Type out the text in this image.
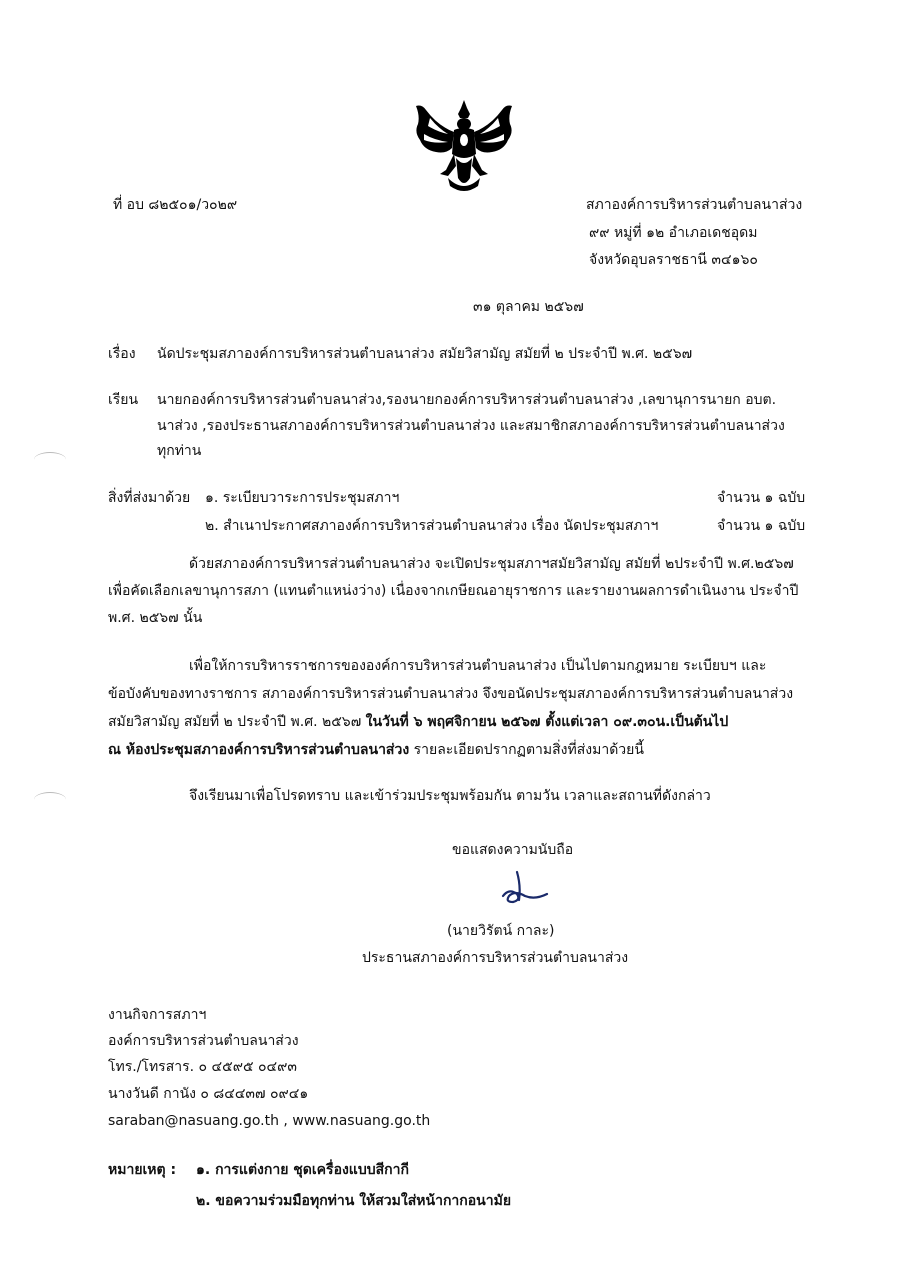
ที่ อบ ๘๒๕๐๑/ว๐๒๙	สภาองค์การบริหารส่วนตำบลนาส่วง
๙๙ หมู่ที่ ๑๒ อำเภอเดชอุดม
จังหวัดอุบลราชธานี ๓๔๑๖๐
๓๑ ตุลาคม ๒๕๖๗
เรื่อง นัดประชุมสภาองค์การบริหารส่วนตำบลนาส่วง สมัยวิสามัญ สมัยที่ ๒ ประจำปี พ.ศ. ๒๕๖๗
เรียน นายกองค์การบริหารส่วนตำบลนาส่วง,รองนายกองค์การบริหารส่วนตำบลนาส่วง ,เลขานุการนายก อบต.
นาส่วง ,รองประธานสภาองค์การบริหารส่วนตำบลนาส่วง และสมาชิกสภาองค์การบริหารส่วนตำบลนาส่วง
ทุกท่าน
สิ่งที่ส่งมาด้วย ๑. ระเบียบวาระการประชุมสภาฯ	จำนวน ๑ ฉบับ
๒. สำเนาประกาศสภาองค์การบริหารส่วนตำบลนาส่วง เรื่อง นัดประชุมสภาฯ	จำนวน ๑ ฉบับ
ด้วยสภาองค์การบริหารส่วนตำบลนาส่วง จะเปิดประชุมสภาฯสมัยวิสามัญ สมัยที่ ๒ประจำปี พ.ศ.๒๕๖๗
เพื่อคัดเลือกเลขานุการสภา (แทนตำแหน่งว่าง) เนื่องจากเกษียณอายุราชการ และรายงานผลการดำเนินงาน ประจำปี
พ.ศ. ๒๕๖๗ นั้น
เพื่อให้การบริหารราชการขององค์การบริหารส่วนตำบลนาส่วง เป็นไปตามกฎหมาย ระเบียบฯ และ
ข้อบังคับของทางราชการ สภาองค์การบริหารส่วนตำบลนาส่วง จึงขอนัดประชุมสภาองค์การบริหารส่วนตำบลนาส่วง
สมัยวิสามัญ สมัยที่ ๒ ประจำปี พ.ศ. ๒๕๖๗ ในวันที่ ๖ พฤศจิกายน ๒๕๖๗ ตั้งแต่เวลา ๐๙.๓๐น.เป็นต้นไป
ณ ห้องประชุมสภาองค์การบริหารส่วนตำบลนาส่วง รายละเอียดปรากฏตามสิ่งที่ส่งมาด้วยนี้
จึงเรียนมาเพื่อโปรดทราบ และเข้าร่วมประชุมพร้อมกัน ตามวัน เวลาและสถานที่ดังกล่าว
ขอแสดงความนับถือ
(นายวิรัตน์ กาละ)
ประธานสภาองค์การบริหารส่วนตำบลนาส่วง
งานกิจการสภาฯ
องค์การบริหารส่วนตำบลนาส่วง
โทร./โทรสาร. ๐ ๔๕๙๕ ๐๔๙๓
นางวันดี กานัง ๐ ๘๔๔๓๗ ๐๙๔๑
saraban@nasuang.go.th , www.nasuang.go.th
หมายเหตุ : ๑. การแต่งกาย ชุดเครื่องแบบสีกากี
๒. ขอความร่วมมือทุกท่าน ให้สวมใส่หน้ากากอนามัย
